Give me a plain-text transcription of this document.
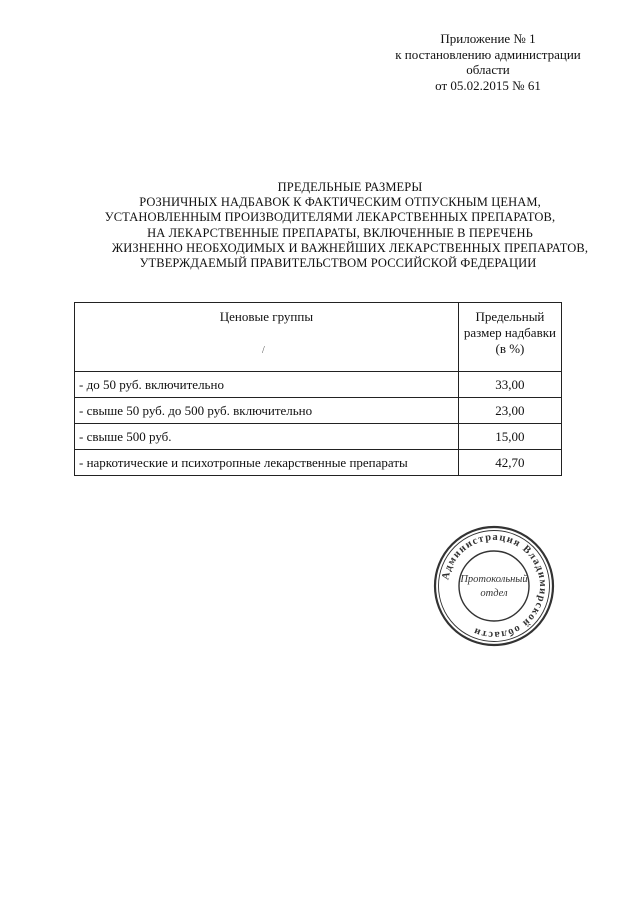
Приложение № 1
к постановлению администрации
области
от 05.02.2015 № 61
ПРЕДЕЛЬНЫЕ РАЗМЕРЫ
РОЗНИЧНЫХ НАДБАВОК К ФАКТИЧЕСКИМ ОТПУСКНЫМ ЦЕНАМ,
УСТАНОВЛЕННЫМ ПРОИЗВОДИТЕЛЯМИ ЛЕКАРСТВЕННЫХ ПРЕПАРАТОВ,
НА ЛЕКАРСТВЕННЫЕ ПРЕПАРАТЫ, ВКЛЮЧЕННЫЕ В ПЕРЕЧЕНЬ
ЖИЗНЕННО НЕОБХОДИМЫХ И ВАЖНЕЙШИХ ЛЕКАРСТВЕННЫХ ПРЕПАРАТОВ,
УТВЕРЖДАЕМЫЙ ПРАВИТЕЛЬСТВОМ РОССИЙСКОЙ ФЕДЕРАЦИИ
Ценовые группы	Предельный
размер надбавки
(в %)

- до 50 руб. включительно	33,00
- свыше 50 руб. до 500 руб. включительно	23,00
- свыше 500 руб.	15,00
- наркотические и психотропные лекарственные препараты	42,70
Администрация Владимирской области
Протокольный
отдел
/
